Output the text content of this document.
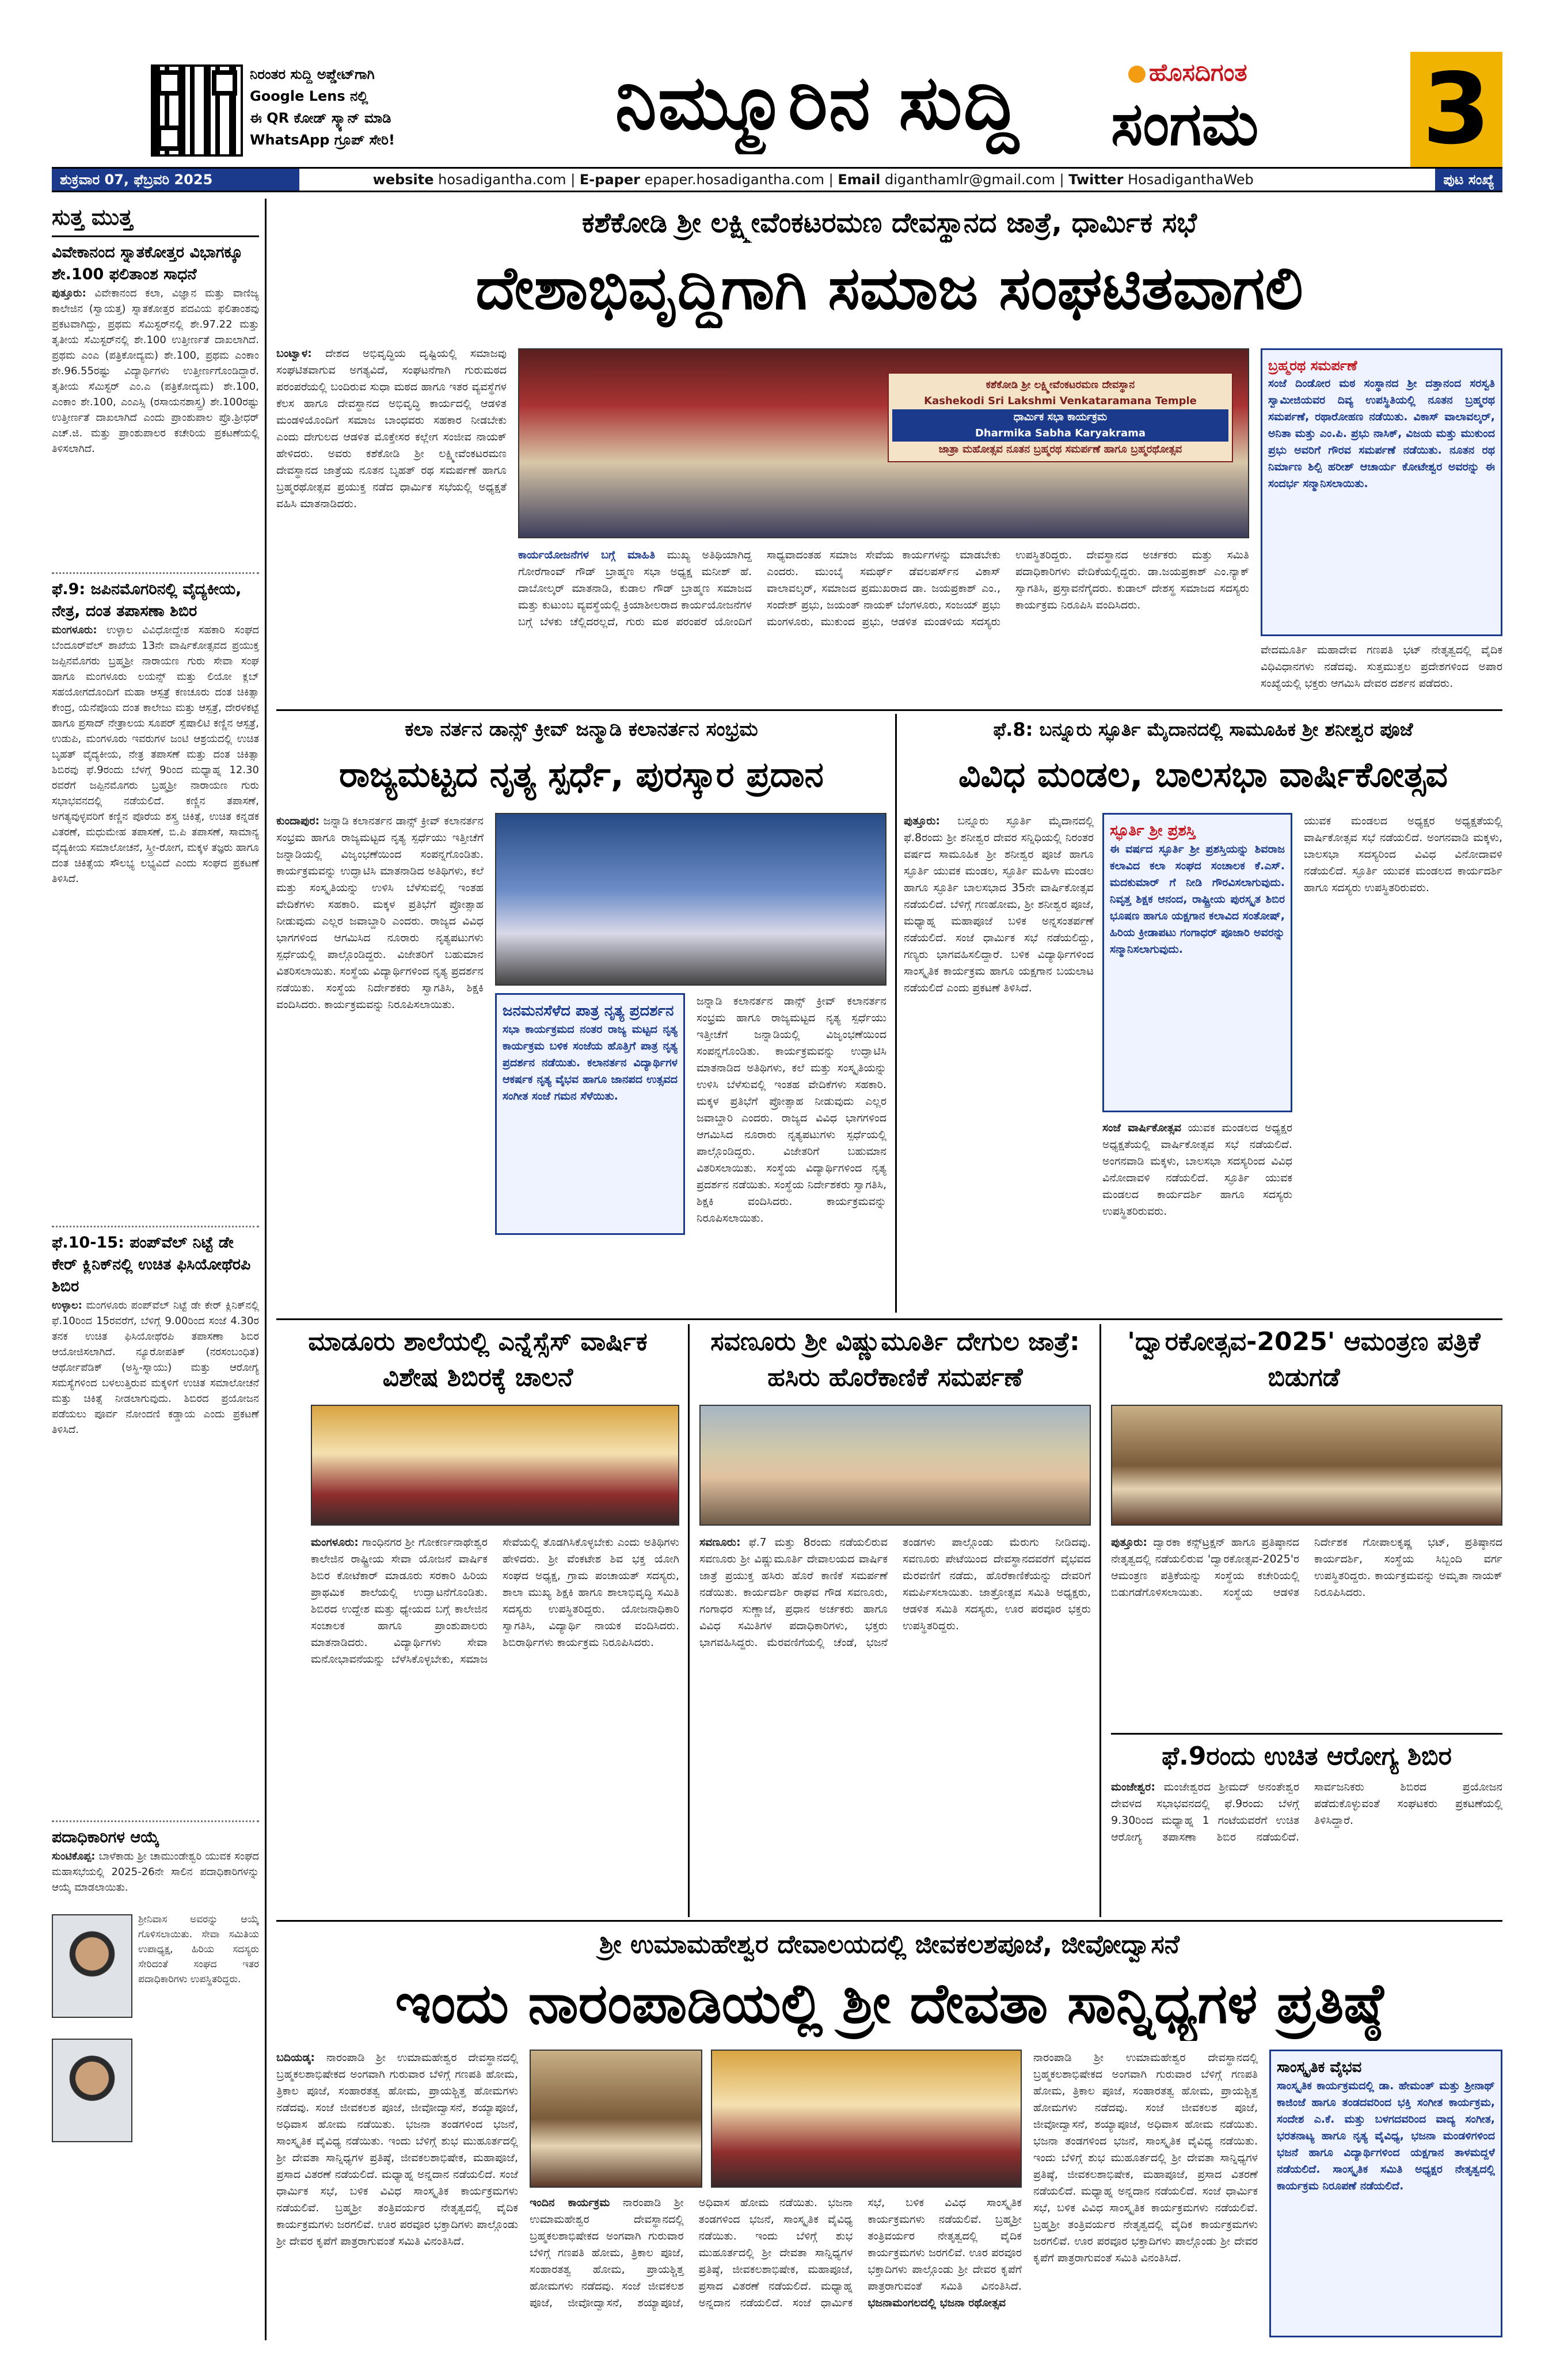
ನಿರಂತರ ಸುದ್ದಿ ಅಪ್ಡೇಟ್‌ಗಾಗಿ
Google Lens ನಲ್ಲಿ
ಈ QR ಕೋಡ್ ಸ್ಕ್ಯಾನ್ ಮಾಡಿ
WhatsApp ಗ್ರೂಪ್ ಸೇರಿ!	ನಿಮ್ಮೂರಿನ ಸುದ್ದಿ	ಹೊಸದಿಗಂತ
ಸಂಗಮ	3
ಶುಕ್ರವಾರ 07, ಫೆಬ್ರವರಿ 2025	website hosadigantha.com | E-paper epaper.hosadigantha.com | Email diganthamlr@gmail.com | Twitter HosadiganthaWeb	ಪುಟ ಸಂಖ್ಯೆ
ಸುತ್ತ ಮುತ್ತ
ವಿವೇಕಾನಂದ ಸ್ನಾತಕೋತ್ತರ ವಿಭಾಗಕ್ಕೂ ಶೇ.100 ಫಲಿತಾಂಶ ಸಾಧನೆ
ಪುತ್ತೂರು: ವಿವೇಕಾನಂದ ಕಲಾ, ವಿಜ್ಞಾನ ಮತ್ತು ವಾಣಿಜ್ಯ ಕಾಲೇಜಿನ (ಸ್ವಾಯತ್ತ) ಸ್ನಾತಕೋತ್ತರ ಪದವಿಯ ಫಲಿತಾಂಶವು ಪ್ರಕಟವಾಗಿದ್ದು, ಪ್ರಥಮ ಸೆಮಿಸ್ಟರ್‌ನಲ್ಲಿ ಶೇ.97.22 ಮತ್ತು ತೃತೀಯ ಸೆಮಿಸ್ಟರ್‌ನಲ್ಲಿ ಶೇ.100 ಉತ್ತೀರ್ಣತೆ ದಾಖಲಾಗಿದೆ. ಪ್ರಥಮ ಎಂಎ (ಪತ್ರಿಕೋದ್ಯಮ) ಶೇ.100, ಪ್ರಥಮ ಎಂಕಾಂ ಶೇ.96.55ರಷ್ಟು ವಿದ್ಯಾರ್ಥಿಗಳು ಉತ್ತೀರ್ಣಗೊಂಡಿದ್ದಾರೆ. ತೃತೀಯ ಸೆಮಿಸ್ಟರ್ ಎಂ.ಎ (ಪತ್ರಿಕೋದ್ಯಮ) ಶೇ.100, ಎಂಕಾಂ ಶೇ.100, ಎಂಎಸ್ಸಿ (ರಸಾಯನಶಾಸ್ತ್ರ) ಶೇ.100ರಷ್ಟು ಉತ್ತೀರ್ಣತೆ ದಾಖಲಾಗಿದೆ ಎಂದು ಪ್ರಾಂಶುಪಾಲ ಪ್ರೊ.ಶ್ರೀಧರ್ ಎಚ್.ಜಿ. ಮತ್ತು ಪ್ರಾಂಶುಪಾಲರ ಕಚೇರಿಯ ಪ್ರಕಟಣೆಯಲ್ಲಿ ತಿಳಿಸಲಾಗಿದೆ.
ಫೆ.9: ಜಪಿನಮೊಗರಿನಲ್ಲಿ ವೈದ್ಯಕೀಯ, ನೇತ್ರ, ದಂತ ತಪಾಸಣಾ ಶಿಬಿರ
ಮಂಗಳೂರು: ಉಳ್ಳಾಲ ವಿವಿಧೋದ್ದೇಶ ಸಹಕಾರಿ ಸಂಘದ ಬೆಂದೂರ್‌ವೆಲ್ ಶಾಖೆಯ 13ನೇ ವಾರ್ಷಿಕೋತ್ಸವದ ಪ್ರಯುಕ್ತ ಜಪ್ಪಿನಮೊಗರು ಬ್ರಹ್ಮಶ್ರೀ ನಾರಾಯಣ ಗುರು ಸೇವಾ ಸಂಘ ಹಾಗೂ ಮಂಗಳೂರು ಲಯನ್ಸ್ ಮತ್ತು ಲಿಯೋ ಕ್ಲಬ್ ಸಹಯೋಗದೊಂದಿಗೆ ಮಹಾ ಆಸ್ಪತ್ರೆ ಕಣಚೂರು ದಂತ ಚಿಕಿತ್ಸಾ ಕೇಂದ್ರ, ಯೆನೆಪೊಯ ದಂತ ಕಾಲೇಜು ಮತ್ತು ಆಸ್ಪತ್ರೆ, ದೇರಳಕಟ್ಟೆ ಹಾಗೂ ಪ್ರಸಾದ್ ನೇತ್ರಾಲಯ ಸೂಪರ್ ಸ್ಪೆಷಾಲಿಟಿ ಕಣ್ಣಿನ ಆಸ್ಪತ್ರೆ, ಉಡುಪಿ, ಮಂಗಳೂರು ಇವರುಗಳ ಜಂಟಿ ಆಶ್ರಯದಲ್ಲಿ ಉಚಿತ ಬೃಹತ್ ವೈದ್ಯಕೀಯ, ನೇತ್ರ ತಪಾಸಣೆ ಮತ್ತು ದಂತ ಚಿಕಿತ್ಸಾ ಶಿಬಿರವು ಫೆ.9ರಂದು ಬೆಳಗ್ಗೆ 9ರಿಂದ ಮಧ್ಯಾಹ್ನ 12.30 ರವರೆಗೆ ಜಪ್ಪಿನಮೊಗರು ಬ್ರಹ್ಮಶ್ರೀ ನಾರಾಯಣ ಗುರು ಸಭಾಭವನದಲ್ಲಿ ನಡೆಯಲಿದೆ. ಕಣ್ಣಿನ ತಪಾಸಣೆ, ಅಗತ್ಯವುಳ್ಳವರಿಗೆ ಕಣ್ಣಿನ ಪೊರೆಯ ಶಸ್ತ್ರ ಚಿಕಿತ್ಸೆ, ಉಚಿತ ಕನ್ನಡಕ ವಿತರಣೆ, ಮಧುಮೇಹ ತಪಾಸಣೆ, ಬಿ.ಪಿ ತಪಾಸಣೆ, ಸಾಮಾನ್ಯ ವೈದ್ಯಕೀಯ ಸಮಾಲೋಚನೆ, ಸ್ತ್ರೀ-ರೋಗ, ಮಕ್ಕಳ ತಜ್ಞರು ಹಾಗೂ ದಂತ ಚಿಕಿತ್ಸೆಯ ಸೌಲಭ್ಯ ಲಭ್ಯವಿದೆ ಎಂದು ಸಂಘದ ಪ್ರಕಟಣೆ ತಿಳಿಸಿದೆ.
ಫೆ.10-15: ಪಂಪ್‌ವೆಲ್ ನಿಟ್ಟೆ ಡೇ ಕೇರ್ ಕ್ಲಿನಿಕ್‌ನಲ್ಲಿ ಉಚಿತ ಫಿಸಿಯೋಥೆರಪಿ ಶಿಬಿರ
ಉಳ್ಳಾಲ: ಮಂಗಳೂರು ಪಂಪ್‌ವೆಲ್ ನಿಟ್ಟೆ ಡೇ ಕೇರ್ ಕ್ಲಿನಿಕ್‌ನಲ್ಲಿ ಫೆ.10ರಿಂದ 15ರವರೆಗೆ, ಬೆಳಿಗ್ಗೆ 9.00ರಿಂದ ಸಂಜೆ 4.30ರ ತನಕ ಉಚಿತ ಫಿಸಿಯೋಥೆರಪಿ ತಪಾಸಣಾ ಶಿಬಿರ ಆಯೋಜಿಸಲಾಗಿದೆ. ನ್ಯೂರೋಪತಿಕ್ (ನರಸಂಬಂಧಿತ) ಆರ್ಥೋಪೆಡಿಕ್ (ಅಸ್ಥಿ-ಸ್ನಾಯು) ಮತ್ತು ಆರೋಗ್ಯ ಸಮಸ್ಯೆಗಳಿಂದ ಬಳಲುತ್ತಿರುವ ಮಕ್ಕಳಿಗೆ ಉಚಿತ ಸಮಾಲೋಚನೆ ಮತ್ತು ಚಿಕಿತ್ಸೆ ನೀಡಲಾಗುವುದು. ಶಿಬಿರದ ಪ್ರಯೋಜನ ಪಡೆಯಲು ಪೂರ್ವ ನೋಂದಣಿ ಕಡ್ಡಾಯ ಎಂದು ಪ್ರಕಟಣೆ ತಿಳಿಸಿದೆ.
ಪದಾಧಿಕಾರಿಗಳ ಆಯ್ಕೆ
ಸುಂಟಿಕೊಪ್ಪ: ಬಾಳೆಕಾಡು ಶ್ರೀ ಚಾಮುಂಡೇಶ್ವರಿ ಯುವಕ ಸಂಘದ ಮಹಾಸಭೆಯಲ್ಲಿ 2025-26ನೇ ಸಾಲಿನ ಪದಾಧಿಕಾರಿಗಳನ್ನು ಆಯ್ಕೆ ಮಾಡಲಾಯಿತು.
ಶ್ರೀನಿವಾಸ ಅವರನ್ನು ಆಯ್ಕೆ ಗೊಳಿಸಲಾಯಿತು. ಸೇವಾ ಸಮಿತಿಯ ಉಪಾಧ್ಯಕ್ಷ, ಹಿರಿಯ ಸದಸ್ಯರು ಸೇರಿದಂತೆ ಸಂಘದ ಇತರ ಪದಾಧಿಕಾರಿಗಳು ಉಪಸ್ಥಿತರಿದ್ದರು.
ಕಶೆಕೋಡಿ ಶ್ರೀ ಲಕ್ಷ್ಮೀವೆಂಕಟರಮಣ ದೇವಸ್ಥಾನದ ಜಾತ್ರೆ, ಧಾರ್ಮಿಕ ಸಭೆ
ದೇಶಾಭಿವೃದ್ಧಿಗಾಗಿ ಸಮಾಜ ಸಂಘಟಿತವಾಗಲಿ
ಬಂಟ್ವಾಳ: ದೇಶದ ಅಭಿವೃದ್ಧಿಯ ದೃಷ್ಟಿಯಲ್ಲಿ ಸಮಾಜವು ಸಂಘಟಿತವಾಗುವ ಅಗತ್ಯವಿದೆ, ಸಂಘಟನೆಗಾಗಿ ಗುರುಮಠದ ಪರಂಪರೆಯಲ್ಲಿ ಬಂದಿರುವ ಸುಧಾ ಮಠದ ಹಾಗೂ ಇತರ ವ್ಯವಸ್ಥೆಗಳ ಕೆಲಸ ಹಾಗೂ ದೇವಸ್ಥಾನದ ಅಭಿವೃದ್ಧಿ ಕಾರ್ಯದಲ್ಲಿ ಆಡಳಿತ ಮಂಡಳಿಯೊಂದಿಗೆ ಸಮಾಜ ಬಾಂಧವರು ಸಹಕಾರ ನೀಡಬೇಕು ಎಂದು ದೇಗುಲದ ಆಡಳಿತ ಮೊಕ್ತೇಸರ ಕಲ್ಲೇಗ ಸಂಜೀವ ನಾಯಕ್ ಹೇಳಿದರು. ಅವರು ಕಶೆಕೋಡಿ ಶ್ರೀ ಲಕ್ಷ್ಮೀವೆಂಕಟರಮಣ ದೇವಸ್ಥಾನದ ಜಾತ್ರೆಯ ನೂತನ ಬೃಹತ್ ರಥ ಸಮರ್ಪಣೆ ಹಾಗೂ ಬ್ರಹ್ಮರಥೋತ್ಸವ ಪ್ರಯುಕ್ತ ನಡೆದ ಧಾರ್ಮಿಕ ಸಭೆಯಲ್ಲಿ ಅಧ್ಯಕ್ಷತೆ ವಹಿಸಿ ಮಾತನಾಡಿದರು.
ಕಶೆಕೋಡಿ ಶ್ರೀ ಲಕ್ಷ್ಮೀವೆಂಕಟರಮಣ ದೇವಸ್ಥಾನ
Kashekodi Sri Lakshmi Venkataramana Temple
ಧಾರ್ಮಿಕ ಸಭಾ ಕಾರ್ಯಕ್ರಮ
Dharmika Sabha Karyakrama
ಜಾತ್ರಾ ಮಹೋತ್ಸವ ನೂತನ ಬ್ರಹ್ಮರಥ ಸಮರ್ಪಣೆ ಹಾಗೂ ಬ್ರಹ್ಮರಥೋತ್ಸವ
ಕಾರ್ಯಯೋಜನೆಗಳ ಬಗ್ಗೆ ಮಾಹಿತಿ ಮುಖ್ಯ ಅತಿಥಿಯಾಗಿದ್ದ ಗೋರೆಗಾಂವ್ ಗೌಡ್ ಬ್ರಾಹ್ಮಣ ಸಭಾ ಅಧ್ಯಕ್ಷ ಮನೀಶ್ ಹೆ. ದಾಬೋಲ್ಕರ್ ಮಾತನಾಡಿ, ಕುಡಾಲ ಗೌಡ್ ಬ್ರಾಹ್ಮಣ ಸಮಾಜದ ಮತ್ತು ಕುಟುಂಬ ವ್ಯವಸ್ಥೆಯಲ್ಲಿ ಕ್ರಿಯಾಶೀಲರಾದ ಕಾರ್ಯಯೋಜನೆಗಳ ಬಗ್ಗೆ ಬೆಳಕು ಚೆಲ್ಲಿದರಲ್ಲದೆ, ಗುರು ಮಠ ಪರಂಪರೆ ಯೋಂದಿಗೆ ಸಾಧ್ಯವಾದಂತಹ ಸಮಾಜ ಸೇವೆಯ ಕಾರ್ಯಗಳನ್ನು ಮಾಡಬೇಕು ಎಂದರು. ಮುಂಬೈ ಸಮರ್ಥ್ ಡೆವಲಪರ್ಸ್‌ನ ವಿಕಾಸ್ ವಾಲಾವಲ್ಕರ್, ಸಮಾಜದ ಪ್ರಮುಖರಾದ ಡಾ. ಜಯಪ್ರಕಾಶ್ ಎಂ., ಸಂದೇಶ್ ಪ್ರಭು, ಜಯಂತ್ ನಾಯಕ್ ಬೆಂಗಳೂರು, ಸಂಜಯ್ ಪ್ರಭು ಮಂಗಳೂರು, ಮುಕುಂದ ಪ್ರಭು, ಆಡಳಿತ ಮಂಡಳಿಯ ಸದಸ್ಯರು ಉಪಸ್ಥಿತರಿದ್ದರು. ದೇವಸ್ಥಾನದ ಅರ್ಚಕರು ಮತ್ತು ಸಮಿತಿ ಪದಾಧಿಕಾರಿಗಳು ವೇದಿಕೆಯಲ್ಲಿದ್ದರು. ಡಾ.ಜಯಪ್ರಕಾಶ್ ಎಂ.ನ್ಯಾಕ್ ಸ್ವಾಗತಿಸಿ, ಪ್ರಸ್ತಾವನೆಗೈದರು. ಕುಡಾಲ್ ದೇಶಸ್ಥ ಸಮಾಜದ ಸದಸ್ಯರು ಕಾರ್ಯಕ್ರಮ ನಿರೂಪಿಸಿ ವಂದಿಸಿದರು.
ಬ್ರಹ್ಮರಥ ಸಮರ್ಪಣೆ
ಸಂಜೆ ದಿಂಡೋರ ಮಠ ಸಂಸ್ಥಾನದ ಶ್ರೀ ದತ್ತಾನಂದ ಸರಸ್ವತಿ ಸ್ವಾಮೀಜಿಯವರ ದಿವ್ಯ ಉಪಸ್ಥಿತಿಯಲ್ಲಿ ನೂತನ ಬ್ರಹ್ಮರಥ ಸಮರ್ಪಣೆ, ರಥಾರೋಹಣ ನಡೆಯಿತು. ವಿಕಾಸ್ ವಾಲಾವಲ್ಕರ್, ಅನಿತಾ ಮತ್ತು ಎಂ.ಪಿ. ಪ್ರಭು ನಾಸಿಕ್, ವಿಜಯ ಮತ್ತು ಮುಕುಂದ ಪ್ರಭು ಅವರಿಗೆ ಗೌರವ ಸಮರ್ಪಣೆ ನಡೆಯಿತು. ನೂತನ ರಥ ನಿರ್ಮಾಣ ಶಿಲ್ಪಿ ಹರೀಶ್ ಆಚಾರ್ಯ ಕೋಟೇಶ್ವರ ಅವರನ್ನು ಈ ಸಂದರ್ಭ ಸನ್ಮಾನಿಸಲಾಯಿತು.
ವೇದಮೂರ್ತಿ ಮಹಾದೇವ ಗಣಪತಿ ಭಟ್ ನೇತೃತ್ವದಲ್ಲಿ ವೈದಿಕ ವಿಧಿವಿಧಾನಗಳು ನಡೆದವು. ಸುತ್ತಮುತ್ತಲ ಪ್ರದೇಶಗಳಿಂದ ಅಪಾರ ಸಂಖ್ಯೆಯಲ್ಲಿ ಭಕ್ತರು ಆಗಮಿಸಿ ದೇವರ ದರ್ಶನ ಪಡೆದರು.
ಕಲಾ ನರ್ತನ ಡಾನ್ಸ್ ಕ್ರೀವ್ ಜನ್ಮಾಡಿ ಕಲಾನರ್ತನ ಸಂಭ್ರಮ
ರಾಜ್ಯಮಟ್ಟದ ನೃತ್ಯ ಸ್ಪರ್ಧೆ, ಪುರಸ್ಕಾರ ಪ್ರದಾನ
ಕುಂದಾಪುರ: ಜನ್ನಾಡಿ ಕಲಾನರ್ತನ ಡಾನ್ಸ್ ಕ್ರೀವ್ ಕಲಾನರ್ತನ ಸಂಭ್ರಮ ಹಾಗೂ ರಾಜ್ಯಮಟ್ಟದ ನೃತ್ಯ ಸ್ಪರ್ಧೆಯು ಇತ್ತೀಚೆಗೆ ಜನ್ನಾಡಿಯಲ್ಲಿ ವಿಜೃಂಭಣೆಯಿಂದ ಸಂಪನ್ನಗೊಂಡಿತು. ಕಾರ್ಯಕ್ರಮವನ್ನು ಉದ್ಘಾಟಿಸಿ ಮಾತನಾಡಿದ ಅತಿಥಿಗಳು, ಕಲೆ ಮತ್ತು ಸಂಸ್ಕೃತಿಯನ್ನು ಉಳಿಸಿ ಬೆಳೆಸುವಲ್ಲಿ ಇಂತಹ ವೇದಿಕೆಗಳು ಸಹಕಾರಿ. ಮಕ್ಕಳ ಪ್ರತಿಭೆಗೆ ಪ್ರೋತ್ಸಾಹ ನೀಡುವುದು ಎಲ್ಲರ ಜವಾಬ್ದಾರಿ ಎಂದರು. ರಾಜ್ಯದ ವಿವಿಧ ಭಾಗಗಳಿಂದ ಆಗಮಿಸಿದ ನೂರಾರು ನೃತ್ಯಪಟುಗಳು ಸ್ಪರ್ಧೆಯಲ್ಲಿ ಪಾಲ್ಗೊಂಡಿದ್ದರು. ವಿಜೇತರಿಗೆ ಬಹುಮಾನ ವಿತರಿಸಲಾಯಿತು. ಸಂಸ್ಥೆಯ ವಿದ್ಯಾರ್ಥಿಗಳಿಂದ ನೃತ್ಯ ಪ್ರದರ್ಶನ ನಡೆಯಿತು. ಸಂಸ್ಥೆಯ ನಿರ್ದೇಶಕರು ಸ್ವಾಗತಿಸಿ, ಶಿಕ್ಷಕಿ ವಂದಿಸಿದರು. ಕಾರ್ಯಕ್ರಮವನ್ನು ನಿರೂಪಿಸಲಾಯಿತು.	ಜನಮನಸೆಳೆದ ಪಾತ್ರ ನೃತ್ಯ ಪ್ರದರ್ಶನ
ಸಭಾ ಕಾರ್ಯಕ್ರಮದ ನಂತರ ರಾಜ್ಯ ಮಟ್ಟದ ನೃತ್ಯ ಕಾರ್ಯಕ್ರಮ ಬಳಿಕ ಸಂಜೆಯ ಹೊತ್ತಿಗೆ ಪಾತ್ರ ನೃತ್ಯ ಪ್ರದರ್ಶನ ನಡೆಯಿತು. ಕಲಾನರ್ತನ ವಿದ್ಯಾರ್ಥಿಗಳ ಆಕರ್ಷಕ ನೃತ್ಯ ವೈಭವ ಹಾಗೂ ಜಾನಪದ ಉತ್ಸವದ ಸಂಗೀತ ಸಂಜೆ ಗಮನ ಸೆಳೆಯಿತು.
ಜನ್ನಾಡಿ ಕಲಾನರ್ತನ ಡಾನ್ಸ್ ಕ್ರೀವ್ ಕಲಾನರ್ತನ ಸಂಭ್ರಮ ಹಾಗೂ ರಾಜ್ಯಮಟ್ಟದ ನೃತ್ಯ ಸ್ಪರ್ಧೆಯು ಇತ್ತೀಚೆಗೆ ಜನ್ನಾಡಿಯಲ್ಲಿ ವಿಜೃಂಭಣೆಯಿಂದ ಸಂಪನ್ನಗೊಂಡಿತು. ಕಾರ್ಯಕ್ರಮವನ್ನು ಉದ್ಘಾಟಿಸಿ ಮಾತನಾಡಿದ ಅತಿಥಿಗಳು, ಕಲೆ ಮತ್ತು ಸಂಸ್ಕೃತಿಯನ್ನು ಉಳಿಸಿ ಬೆಳೆಸುವಲ್ಲಿ ಇಂತಹ ವೇದಿಕೆಗಳು ಸಹಕಾರಿ. ಮಕ್ಕಳ ಪ್ರತಿಭೆಗೆ ಪ್ರೋತ್ಸಾಹ ನೀಡುವುದು ಎಲ್ಲರ ಜವಾಬ್ದಾರಿ ಎಂದರು. ರಾಜ್ಯದ ವಿವಿಧ ಭಾಗಗಳಿಂದ ಆಗಮಿಸಿದ ನೂರಾರು ನೃತ್ಯಪಟುಗಳು ಸ್ಪರ್ಧೆಯಲ್ಲಿ ಪಾಲ್ಗೊಂಡಿದ್ದರು. ವಿಜೇತರಿಗೆ ಬಹುಮಾನ ವಿತರಿಸಲಾಯಿತು. ಸಂಸ್ಥೆಯ ವಿದ್ಯಾರ್ಥಿಗಳಿಂದ ನೃತ್ಯ ಪ್ರದರ್ಶನ ನಡೆಯಿತು. ಸಂಸ್ಥೆಯ ನಿರ್ದೇಶಕರು ಸ್ವಾಗತಿಸಿ, ಶಿಕ್ಷಕಿ ವಂದಿಸಿದರು. ಕಾರ್ಯಕ್ರಮವನ್ನು ನಿರೂಪಿಸಲಾಯಿತು.
ಫೆ.8: ಬನ್ನೂರು ಸ್ಫೂರ್ತಿ ಮೈದಾನದಲ್ಲಿ ಸಾಮೂಹಿಕ ಶ್ರೀ ಶನೀಶ್ವರ ಪೂಜೆ
ವಿವಿಧ ಮಂಡಲ, ಬಾಲಸಭಾ ವಾರ್ಷಿಕೋತ್ಸವ
ಪುತ್ತೂರು: ಬನ್ನೂರು ಸ್ಫೂರ್ತಿ ಮೈದಾನದಲ್ಲಿ ಫೆ.8ರಂದು ಶ್ರೀ ಶನೀಶ್ವರ ದೇವರ ಸನ್ನಿಧಿಯಲ್ಲಿ ನಿರಂತರ ವರ್ಷದ ಸಾಮೂಹಿಕ ಶ್ರೀ ಶನೀಶ್ವರ ಪೂಜೆ ಹಾಗೂ ಸ್ಫೂರ್ತಿ ಯುವಕ ಮಂಡಲ, ಸ್ಫೂರ್ತಿ ಮಹಿಳಾ ಮಂಡಲ ಹಾಗೂ ಸ್ಫೂರ್ತಿ ಬಾಲಸಭಾದ 35ನೇ ವಾರ್ಷಿಕೋತ್ಸವ ನಡೆಯಲಿದೆ. ಬೆಳಿಗ್ಗೆ ಗಣಹೋಮ, ಶ್ರೀ ಶನೀಶ್ವರ ಪೂಜೆ, ಮಧ್ಯಾಹ್ನ ಮಹಾಪೂಜೆ ಬಳಿಕ ಅನ್ನಸಂತರ್ಪಣೆ ನಡೆಯಲಿದೆ. ಸಂಜೆ ಧಾರ್ಮಿಕ ಸಭೆ ನಡೆಯಲಿದ್ದು, ಗಣ್ಯರು ಭಾಗವಹಿಸಲಿದ್ದಾರೆ. ಬಳಿಕ ವಿದ್ಯಾರ್ಥಿಗಳಿಂದ ಸಾಂಸ್ಕೃತಿಕ ಕಾರ್ಯಕ್ರಮ ಹಾಗೂ ಯಕ್ಷಗಾನ ಬಯಲಾಟ ನಡೆಯಲಿದೆ ಎಂದು ಪ್ರಕಟಣೆ ತಿಳಿಸಿದೆ.
ಸ್ಫೂರ್ತಿ ಶ್ರೀ ಪ್ರಶಸ್ತಿ
ಈ ವರ್ಷದ ಸ್ಫೂರ್ತಿ ಶ್ರೀ ಪ್ರಶಸ್ತಿಯನ್ನು ಶಿವರಾಜ ಕಲಾವಿದ ಕಲಾ ಸಂಘದ ಸಂಚಾಲಕ ಕೆ.ಎಸ್. ಮದಕುಮಾರ್ ಗೆ ನೀಡಿ ಗೌರವಿಸಲಾಗುವುದು. ನಿವೃತ್ತ ಶಿಕ್ಷಕ ಆನಂದ, ರಾಷ್ಟ್ರೀಯ ಪುರಸ್ಕೃತ ಶಿಬಿರ ಭೂಷಣ ಹಾಗೂ ಯಕ್ಷಗಾನ ಕಲಾವಿದ ಸಂತೋಷ್, ಹಿರಿಯ ಕ್ರೀಡಾಪಟು ಗಂಗಾಧರ್ ಪೂಜಾರಿ ಅವರನ್ನು ಸನ್ಮಾನಿಸಲಾಗುವುದು.
ಸಂಜೆ ವಾರ್ಷಿಕೋತ್ಸವ ಯುವಕ ಮಂಡಲದ ಅಧ್ಯಕ್ಷರ ಅಧ್ಯಕ್ಷತೆಯಲ್ಲಿ ವಾರ್ಷಿಕೋತ್ಸವ ಸಭೆ ನಡೆಯಲಿದೆ. ಅಂಗನವಾಡಿ ಮಕ್ಕಳು, ಬಾಲಸಭಾ ಸದಸ್ಯರಿಂದ ವಿವಿಧ ವಿನೋದಾವಳಿ ನಡೆಯಲಿದೆ. ಸ್ಫೂರ್ತಿ ಯುವಕ ಮಂಡಲದ ಕಾರ್ಯದರ್ಶಿ ಹಾಗೂ ಸದಸ್ಯರು ಉಪಸ್ಥಿತರಿರುವರು.
ಯುವಕ ಮಂಡಲದ ಅಧ್ಯಕ್ಷರ ಅಧ್ಯಕ್ಷತೆಯಲ್ಲಿ ವಾರ್ಷಿಕೋತ್ಸವ ಸಭೆ ನಡೆಯಲಿದೆ. ಅಂಗನವಾಡಿ ಮಕ್ಕಳು, ಬಾಲಸಭಾ ಸದಸ್ಯರಿಂದ ವಿವಿಧ ವಿನೋದಾವಳಿ ನಡೆಯಲಿದೆ. ಸ್ಫೂರ್ತಿ ಯುವಕ ಮಂಡಲದ ಕಾರ್ಯದರ್ಶಿ ಹಾಗೂ ಸದಸ್ಯರು ಉಪಸ್ಥಿತರಿರುವರು.
ಮಾಡೂರು ಶಾಲೆಯಲ್ಲಿ ಎನ್ನೆಸ್ಸೆಸ್ ವಾರ್ಷಿಕ ವಿಶೇಷ ಶಿಬಿರಕ್ಕೆ ಚಾಲನೆ
ಮಂಗಳೂರು: ಗಾಂಧಿನಗರ ಶ್ರೀ ಗೋಕರ್ಣನಾಥೇಶ್ವರ ಕಾಲೇಜಿನ ರಾಷ್ಟ್ರೀಯ ಸೇವಾ ಯೋಜನೆ ವಾರ್ಷಿಕ ಶಿಬಿರ ಕೋಟೆಕಾರ್ ಮಾಡೂರು ಸರಕಾರಿ ಹಿರಿಯ ಪ್ರಾಥಮಿಕ ಶಾಲೆಯಲ್ಲಿ ಉದ್ಘಾಟನೆಗೊಂಡಿತು. ಶಿಬಿರದ ಉದ್ದೇಶ ಮತ್ತು ಧ್ಯೇಯದ ಬಗ್ಗೆ ಕಾಲೇಜಿನ ಸಂಚಾಲಕ ಹಾಗೂ ಪ್ರಾಂಶುಪಾಲರು ಮಾತನಾಡಿದರು. ವಿದ್ಯಾರ್ಥಿಗಳು ಸೇವಾ ಮನೋಭಾವನೆಯನ್ನು ಬೆಳೆಸಿಕೊಳ್ಳಬೇಕು, ಸಮಾಜ ಸೇವೆಯಲ್ಲಿ ತೊಡಗಿಸಿಕೊಳ್ಳಬೇಕು ಎಂದು ಅತಿಥಿಗಳು ಹೇಳಿದರು. ಶ್ರೀ ವೆಂಕಟೇಶ ಶಿವ ಭಕ್ತ ಯೋಗಿ ಸಂಘದ ಅಧ್ಯಕ್ಷ, ಗ್ರಾಮ ಪಂಚಾಯತ್ ಸದಸ್ಯರು, ಶಾಲಾ ಮುಖ್ಯ ಶಿಕ್ಷಕಿ ಹಾಗೂ ಶಾಲಾಭಿವೃದ್ಧಿ ಸಮಿತಿ ಸದಸ್ಯರು ಉಪಸ್ಥಿತರಿದ್ದರು. ಯೋಜನಾಧಿಕಾರಿ ಸ್ವಾಗತಿಸಿ, ವಿದ್ಯಾರ್ಥಿ ನಾಯಕ ವಂದಿಸಿದರು. ಶಿಬಿರಾರ್ಥಿಗಳು ಕಾರ್ಯಕ್ರಮ ನಿರೂಪಿಸಿದರು.
ಸವಣೂರು ಶ್ರೀ ವಿಷ್ಣುಮೂರ್ತಿ ದೇಗುಲ ಜಾತ್ರೆ: ಹಸಿರು ಹೊರೆಕಾಣಿಕೆ ಸಮರ್ಪಣೆ
ಸವಣೂರು: ಫೆ.7 ಮತ್ತು 8ರಂದು ನಡೆಯಲಿರುವ ಸವಣೂರು ಶ್ರೀ ವಿಷ್ಣುಮೂರ್ತಿ ದೇವಾಲಯದ ವಾರ್ಷಿಕ ಜಾತ್ರೆ ಪ್ರಯುಕ್ತ ಹಸಿರು ಹೊರೆ ಕಾಣಿಕೆ ಸಮರ್ಪಣೆ ನಡೆಯಿತು. ಕಾರ್ಯದರ್ಶಿ ರಾಘವ ಗೌಡ ಸವಣೂರು, ಗಂಗಾಧರ ಸುಣ್ಣಾಜೆ, ಪ್ರಧಾನ ಅರ್ಚಕರು ಹಾಗೂ ವಿವಿಧ ಸಮಿತಿಗಳ ಪದಾಧಿಕಾರಿಗಳು, ಭಕ್ತರು ಭಾಗವಹಿಸಿದ್ದರು. ಮೆರವಣಿಗೆಯಲ್ಲಿ ಚೆಂಡೆ, ಭಜನೆ ತಂಡಗಳು ಪಾಲ್ಗೊಂಡು ಮೆರುಗು ನೀಡಿದವು. ಸವಣೂರು ಪೇಟೆಯಿಂದ ದೇವಸ್ಥಾನದವರೆಗೆ ವೈಭವದ ಮೆರವಣಿಗೆ ನಡೆದು, ಹೊರೆಕಾಣಿಕೆಯನ್ನು ದೇವರಿಗೆ ಸಮರ್ಪಿಸಲಾಯಿತು. ಜಾತ್ರೋತ್ಸವ ಸಮಿತಿ ಅಧ್ಯಕ್ಷರು, ಆಡಳಿತ ಸಮಿತಿ ಸದಸ್ಯರು, ಊರ ಪರವೂರ ಭಕ್ತರು ಉಪಸ್ಥಿತರಿದ್ದರು.
'ದ್ವಾರಕೋತ್ಸವ-2025' ಆಮಂತ್ರಣ ಪತ್ರಿಕೆ ಬಿಡುಗಡೆ
ಪುತ್ತೂರು: ದ್ವಾರಕಾ ಕನ್ಸ್‌ಟ್ರಕ್ಷನ್ ಹಾಗೂ ಪ್ರತಿಷ್ಠಾನದ ನೇತೃತ್ವದಲ್ಲಿ ನಡೆಯಲಿರುವ 'ದ್ವಾರಕೋತ್ಸವ-2025'ರ ಆಮಂತ್ರಣ ಪತ್ರಿಕೆಯನ್ನು ಸಂಸ್ಥೆಯ ಕಚೇರಿಯಲ್ಲಿ ಬಿಡುಗಡೆಗೊಳಿಸಲಾಯಿತು. ಸಂಸ್ಥೆಯ ಆಡಳಿತ ನಿರ್ದೇಶಕ ಗೋಪಾಲಕೃಷ್ಣ ಭಟ್, ಪ್ರತಿಷ್ಠಾನದ ಕಾರ್ಯದರ್ಶಿ, ಸಂಸ್ಥೆಯ ಸಿಬ್ಬಂದಿ ವರ್ಗ ಉಪಸ್ಥಿತರಿದ್ದರು. ಕಾರ್ಯಕ್ರಮವನ್ನು ಅಮೃತಾ ನಾಯಕ್ ನಿರೂಪಿಸಿದರು.
ಫೆ.9ರಂದು ಉಚಿತ ಆರೋಗ್ಯ ಶಿಬಿರ
ಮಂಜೇಶ್ವರ: ಮಂಜೇಶ್ವರದ ಶ್ರೀಮದ್ ಅನಂತೇಶ್ವರ ದೇವಳದ ಸಭಾಭವನದಲ್ಲಿ ಫೆ.9ರಂದು ಬೆಳಗ್ಗೆ 9.30ರಿಂದ ಮಧ್ಯಾಹ್ನ 1 ಗಂಟೆಯವರೆಗೆ ಉಚಿತ ಆರೋಗ್ಯ ತಪಾಸಣಾ ಶಿಬಿರ ನಡೆಯಲಿದೆ. ಸಾರ್ವಜನಿಕರು ಶಿಬಿರದ ಪ್ರಯೋಜನ ಪಡೆದುಕೊಳ್ಳುವಂತೆ ಸಂಘಟಕರು ಪ್ರಕಟಣೆಯಲ್ಲಿ ತಿಳಿಸಿದ್ದಾರೆ.
ಶ್ರೀ ಉಮಾಮಹೇಶ್ವರ ದೇವಾಲಯದಲ್ಲಿ ಜೀವಕಲಶಪೂಜೆ, ಜೀವೋದ್ವಾಸನೆ
ಇಂದು ನಾರಂಪಾಡಿಯಲ್ಲಿ ಶ್ರೀ ದೇವತಾ ಸಾನ್ನಿಧ್ಯಗಳ ಪ್ರತಿಷ್ಠೆ
ಬದಿಯಡ್ಕ: ನಾರಂಪಾಡಿ ಶ್ರೀ ಉಮಾಮಹೇಶ್ವರ ದೇವಸ್ಥಾನದಲ್ಲಿ ಬ್ರಹ್ಮಕಲಶಾಭಿಷೇಕದ ಅಂಗವಾಗಿ ಗುರುವಾರ ಬೆಳಿಗ್ಗೆ ಗಣಪತಿ ಹೋಮ, ತ್ರಿಕಾಲ ಪೂಜೆ, ಸಂಹಾರತತ್ವ ಹೋಮ, ಪ್ರಾಯಶ್ಚಿತ್ತ ಹೋಮಗಳು ನಡೆದವು. ಸಂಜೆ ಜೀವಕಲಶ ಪೂಜೆ, ಜೀವೋದ್ವಾಸನೆ, ಶಯ್ಯಾಪೂಜೆ, ಅಧಿವಾಸ ಹೋಮ ನಡೆಯಿತು. ಭಜನಾ ತಂಡಗಳಿಂದ ಭಜನೆ, ಸಾಂಸ್ಕೃತಿಕ ವೈವಿಧ್ಯ ನಡೆಯಿತು. ಇಂದು ಬೆಳಿಗ್ಗೆ ಶುಭ ಮುಹೂರ್ತದಲ್ಲಿ ಶ್ರೀ ದೇವತಾ ಸಾನ್ನಿಧ್ಯಗಳ ಪ್ರತಿಷ್ಠೆ, ಜೀವಕಲಶಾಭಿಷೇಕ, ಮಹಾಪೂಜೆ, ಪ್ರಸಾದ ವಿತರಣೆ ನಡೆಯಲಿದೆ. ಮಧ್ಯಾಹ್ನ ಅನ್ನದಾನ ನಡೆಯಲಿದೆ. ಸಂಜೆ ಧಾರ್ಮಿಕ ಸಭೆ, ಬಳಿಕ ವಿವಿಧ ಸಾಂಸ್ಕೃತಿಕ ಕಾರ್ಯಕ್ರಮಗಳು ನಡೆಯಲಿವೆ. ಬ್ರಹ್ಮಶ್ರೀ ತಂತ್ರಿವರ್ಯರ ನೇತೃತ್ವದಲ್ಲಿ ವೈದಿಕ ಕಾರ್ಯಕ್ರಮಗಳು ಜರಗಲಿವೆ. ಊರ ಪರವೂರ ಭಕ್ತಾದಿಗಳು ಪಾಲ್ಗೊಂಡು ಶ್ರೀ ದೇವರ ಕೃಪೆಗೆ ಪಾತ್ರರಾಗುವಂತೆ ಸಮಿತಿ ವಿನಂತಿಸಿದೆ.
ಇಂದಿನ ಕಾರ್ಯಕ್ರಮ ನಾರಂಪಾಡಿ ಶ್ರೀ ಉಮಾಮಹೇಶ್ವರ ದೇವಸ್ಥಾನದಲ್ಲಿ ಬ್ರಹ್ಮಕಲಶಾಭಿಷೇಕದ ಅಂಗವಾಗಿ ಗುರುವಾರ ಬೆಳಿಗ್ಗೆ ಗಣಪತಿ ಹೋಮ, ತ್ರಿಕಾಲ ಪೂಜೆ, ಸಂಹಾರತತ್ವ ಹೋಮ, ಪ್ರಾಯಶ್ಚಿತ್ತ ಹೋಮಗಳು ನಡೆದವು. ಸಂಜೆ ಜೀವಕಲಶ ಪೂಜೆ, ಜೀವೋದ್ವಾಸನೆ, ಶಯ್ಯಾಪೂಜೆ, ಅಧಿವಾಸ ಹೋಮ ನಡೆಯಿತು. ಭಜನಾ ತಂಡಗಳಿಂದ ಭಜನೆ, ಸಾಂಸ್ಕೃತಿಕ ವೈವಿಧ್ಯ ನಡೆಯಿತು. ಇಂದು ಬೆಳಿಗ್ಗೆ ಶುಭ ಮುಹೂರ್ತದಲ್ಲಿ ಶ್ರೀ ದೇವತಾ ಸಾನ್ನಿಧ್ಯಗಳ ಪ್ರತಿಷ್ಠೆ, ಜೀವಕಲಶಾಭಿಷೇಕ, ಮಹಾಪೂಜೆ, ಪ್ರಸಾದ ವಿತರಣೆ ನಡೆಯಲಿದೆ. ಮಧ್ಯಾಹ್ನ ಅನ್ನದಾನ ನಡೆಯಲಿದೆ. ಸಂಜೆ ಧಾರ್ಮಿಕ ಸಭೆ, ಬಳಿಕ ವಿವಿಧ ಸಾಂಸ್ಕೃತಿಕ ಕಾರ್ಯಕ್ರಮಗಳು ನಡೆಯಲಿವೆ. ಬ್ರಹ್ಮಶ್ರೀ ತಂತ್ರಿವರ್ಯರ ನೇತೃತ್ವದಲ್ಲಿ ವೈದಿಕ ಕಾರ್ಯಕ್ರಮಗಳು ಜರಗಲಿವೆ. ಊರ ಪರವೂರ ಭಕ್ತಾದಿಗಳು ಪಾಲ್ಗೊಂಡು ಶ್ರೀ ದೇವರ ಕೃಪೆಗೆ ಪಾತ್ರರಾಗುವಂತೆ ಸಮಿತಿ ವಿನಂತಿಸಿದೆ. ಭಜನಾಮಂಗಲದಲ್ಲಿ ಭಜನಾ ರಥೋತ್ಸವ
ನಾರಂಪಾಡಿ ಶ್ರೀ ಉಮಾಮಹೇಶ್ವರ ದೇವಸ್ಥಾನದಲ್ಲಿ ಬ್ರಹ್ಮಕಲಶಾಭಿಷೇಕದ ಅಂಗವಾಗಿ ಗುರುವಾರ ಬೆಳಿಗ್ಗೆ ಗಣಪತಿ ಹೋಮ, ತ್ರಿಕಾಲ ಪೂಜೆ, ಸಂಹಾರತತ್ವ ಹೋಮ, ಪ್ರಾಯಶ್ಚಿತ್ತ ಹೋಮಗಳು ನಡೆದವು. ಸಂಜೆ ಜೀವಕಲಶ ಪೂಜೆ, ಜೀವೋದ್ವಾಸನೆ, ಶಯ್ಯಾಪೂಜೆ, ಅಧಿವಾಸ ಹೋಮ ನಡೆಯಿತು. ಭಜನಾ ತಂಡಗಳಿಂದ ಭಜನೆ, ಸಾಂಸ್ಕೃತಿಕ ವೈವಿಧ್ಯ ನಡೆಯಿತು. ಇಂದು ಬೆಳಿಗ್ಗೆ ಶುಭ ಮುಹೂರ್ತದಲ್ಲಿ ಶ್ರೀ ದೇವತಾ ಸಾನ್ನಿಧ್ಯಗಳ ಪ್ರತಿಷ್ಠೆ, ಜೀವಕಲಶಾಭಿಷೇಕ, ಮಹಾಪೂಜೆ, ಪ್ರಸಾದ ವಿತರಣೆ ನಡೆಯಲಿದೆ. ಮಧ್ಯಾಹ್ನ ಅನ್ನದಾನ ನಡೆಯಲಿದೆ. ಸಂಜೆ ಧಾರ್ಮಿಕ ಸಭೆ, ಬಳಿಕ ವಿವಿಧ ಸಾಂಸ್ಕೃತಿಕ ಕಾರ್ಯಕ್ರಮಗಳು ನಡೆಯಲಿವೆ. ಬ್ರಹ್ಮಶ್ರೀ ತಂತ್ರಿವರ್ಯರ ನೇತೃತ್ವದಲ್ಲಿ ವೈದಿಕ ಕಾರ್ಯಕ್ರಮಗಳು ಜರಗಲಿವೆ. ಊರ ಪರವೂರ ಭಕ್ತಾದಿಗಳು ಪಾಲ್ಗೊಂಡು ಶ್ರೀ ದೇವರ ಕೃಪೆಗೆ ಪಾತ್ರರಾಗುವಂತೆ ಸಮಿತಿ ವಿನಂತಿಸಿದೆ.
ಸಾಂಸ್ಕೃತಿಕ ವೈಭವ
ಸಾಂಸ್ಕೃತಿಕ ಕಾರ್ಯಕ್ರಮದಲ್ಲಿ ಡಾ. ಹೇಮಂತ್ ಮತ್ತು ಶ್ರೀನಾಥ್ ಕಾಜಿಂಜೆ ಹಾಗೂ ತಂಡದವರಿಂದ ಭಕ್ತಿ ಸಂಗೀತ ಕಾರ್ಯಕ್ರಮ, ಸಂದೇಶ ಎ.ಕೆ. ಮತ್ತು ಬಳಗದವರಿಂದ ವಾದ್ಯ ಸಂಗೀತ, ಭರತನಾಟ್ಯ ಹಾಗೂ ನೃತ್ಯ ವೈವಿಧ್ಯ, ಭಜನಾ ಮಂಡಳಿಗಳಿಂದ ಭಜನೆ ಹಾಗೂ ವಿದ್ಯಾರ್ಥಿಗಳಿಂದ ಯಕ್ಷಗಾನ ತಾಳಮದ್ದಳೆ ನಡೆಯಲಿದೆ. ಸಾಂಸ್ಕೃತಿಕ ಸಮಿತಿ ಅಧ್ಯಕ್ಷರ ನೇತೃತ್ವದಲ್ಲಿ ಕಾರ್ಯಕ್ರಮ ನಿರೂಪಣೆ ನಡೆಯಲಿದೆ.
